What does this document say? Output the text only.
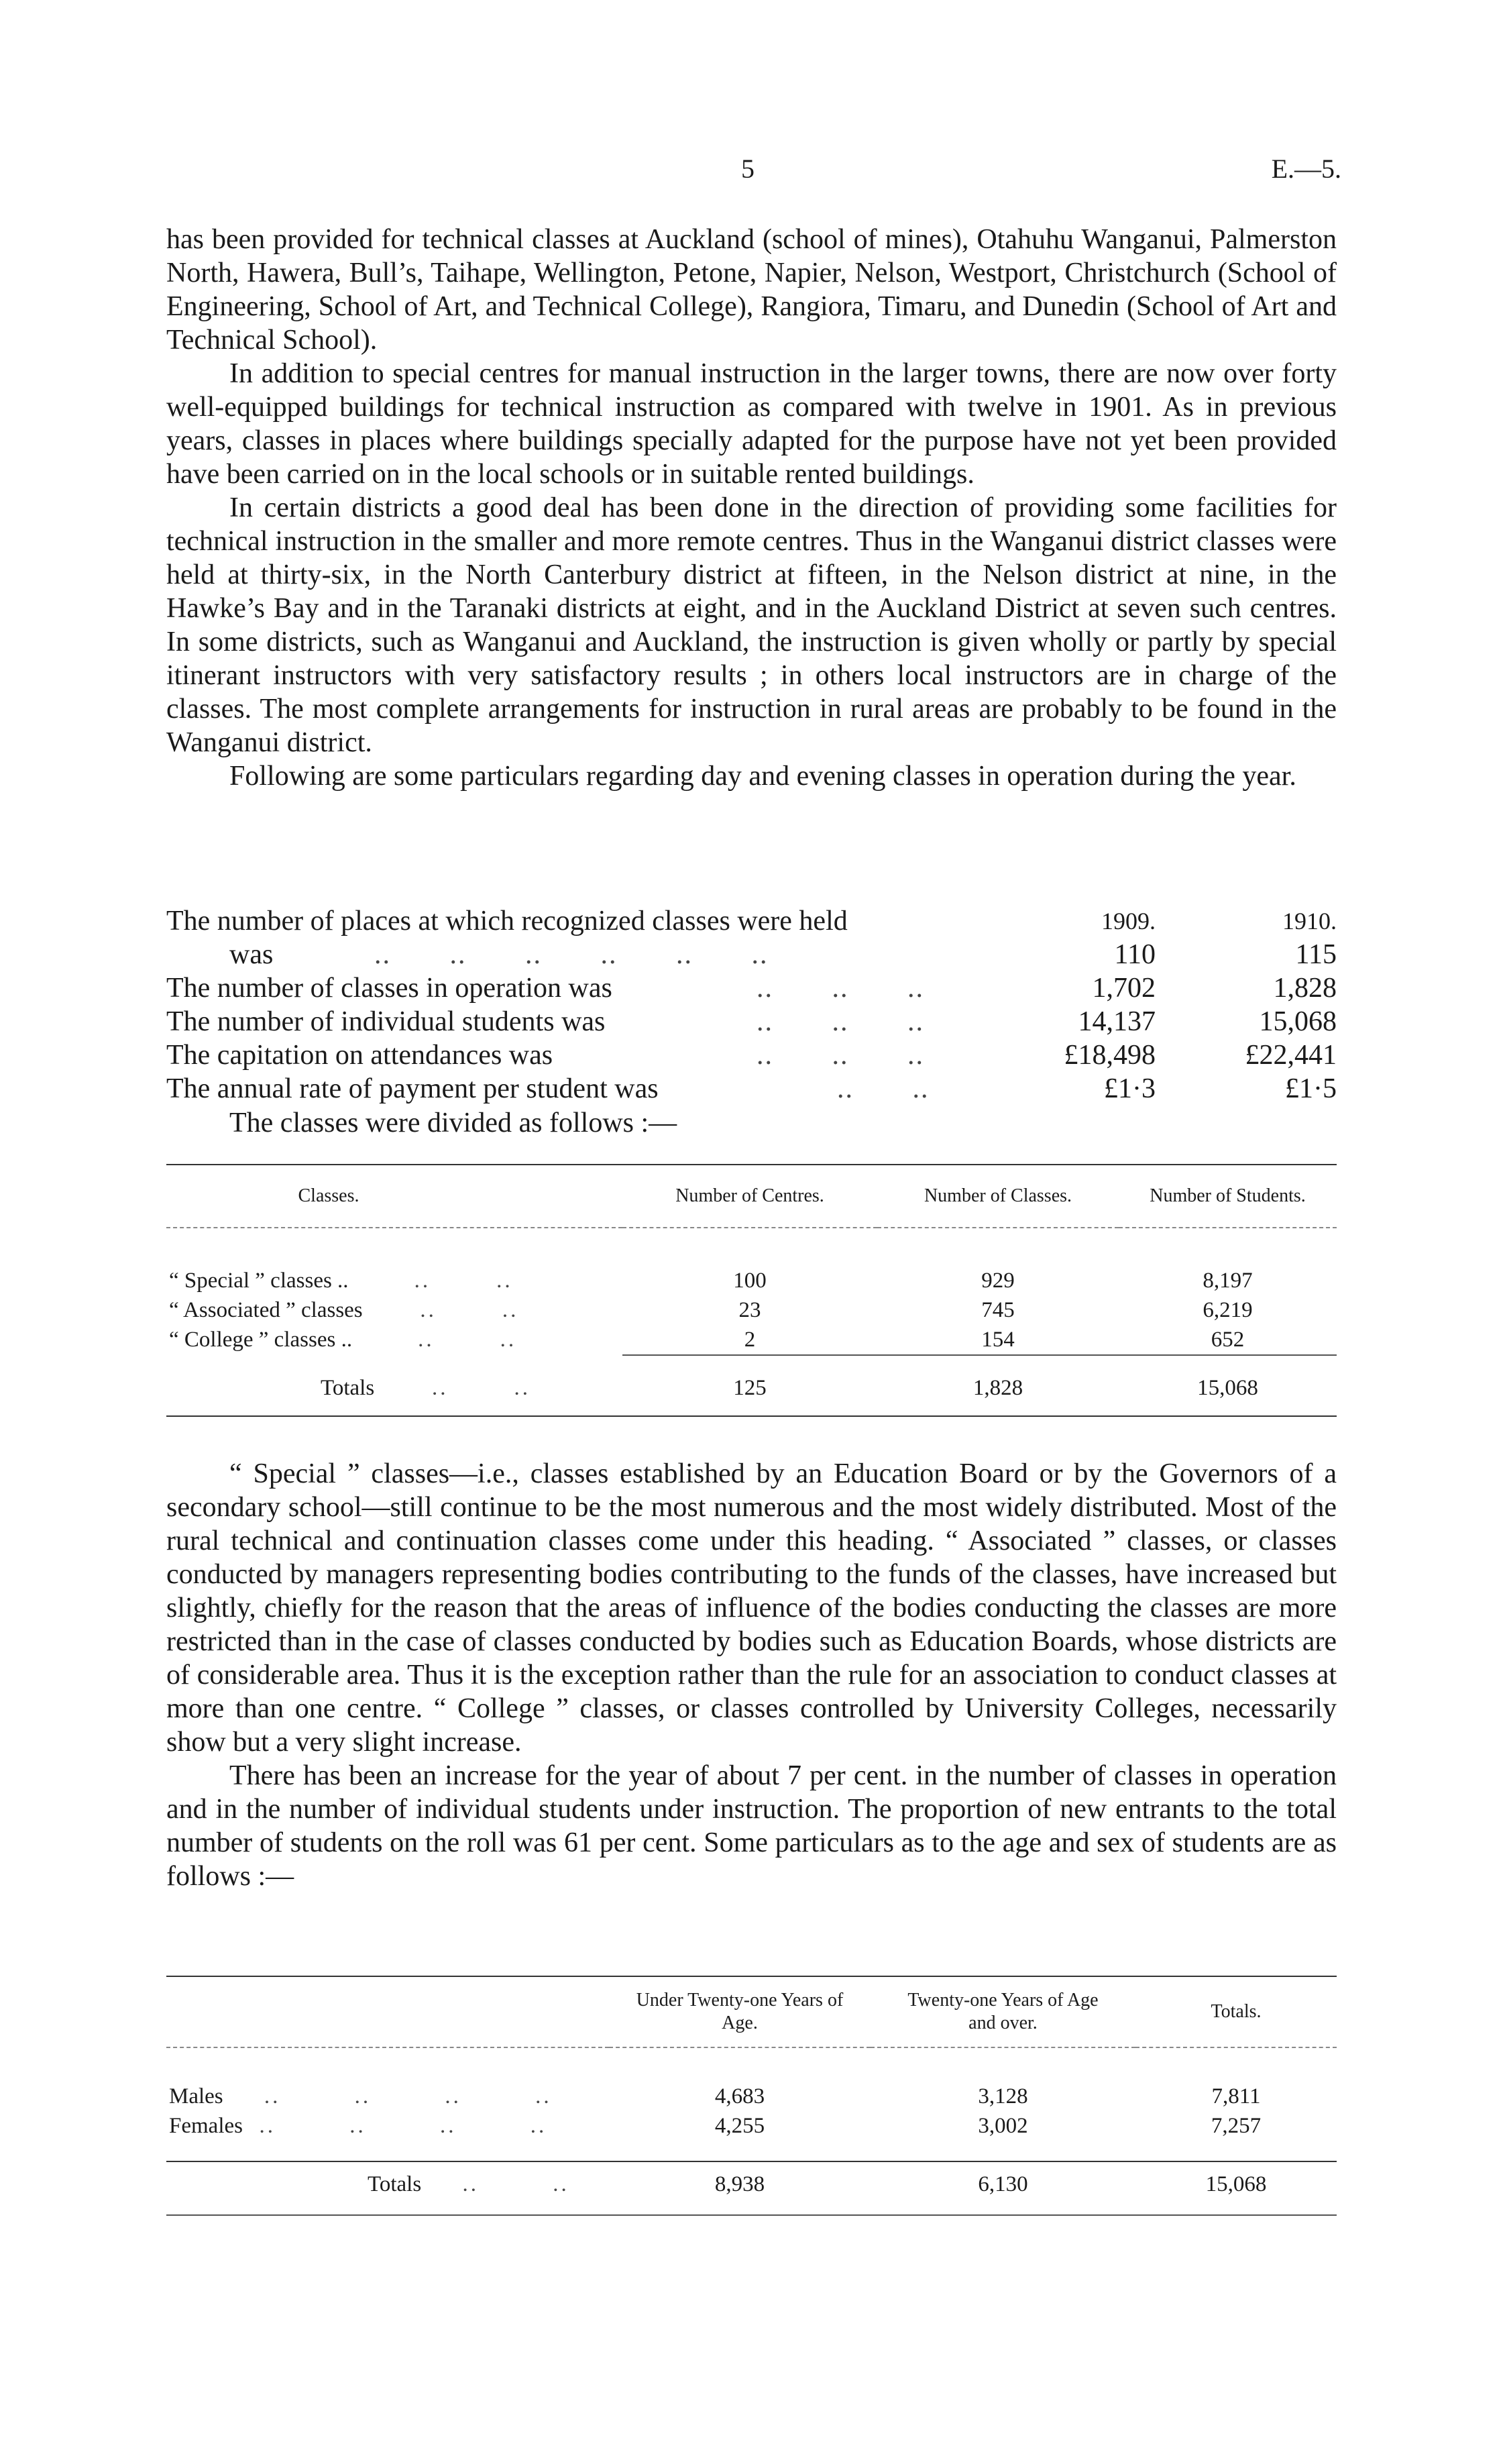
5	E.—5.

has been provided for technical classes at Auckland (school of mines), Otahuhu Wanganui, Palmerston North, Hawera, Bull’s, Taihape, Wellington, Petone, Napier, Nelson, Westport, Christchurch (School of Engineering, School of Art, and Technical College), Rangiora, Timaru, and Dunedin (School of Art and Technical School).

In addition to special centres for manual instruction in the larger towns, there are now over forty well-equipped buildings for technical instruction as compared with twelve in 1901. As in previous years, classes in places where buildings specially adapted for the purpose have not yet been provided have been carried on in the local schools or in suitable rented buildings.

In certain districts a good deal has been done in the direction of providing some facilities for technical instruction in the smaller and more remote centres. Thus in the Wanganui district classes were held at thirty-six, in the North Canterbury district at fifteen, in the Nelson district at nine, in the Hawke’s Bay and in the Taranaki districts at eight, and in the Auckland District at seven such centres. In some districts, such as Wanganui and Auckland, the instruction is given wholly or partly by special itinerant instructors with very satisfactory results ; in others local instructors are in charge of the classes. The most complete arrangements for instruction in rural areas are probably to be found in the Wanganui district.

Following are some particulars regarding day and evening classes in operation during the year.

The number of places at which recognized classes were held	1909.	1910.
was	..       ..       ..       ..       ..       ..	110	115
The number of classes in operation was	..       ..       ..	1,702	1,828
The number of individual students was	..       ..       ..	14,137	15,068
The capitation on attendances was	..       ..       ..	£18,498	£22,441
The annual rate of payment per student was	..       ..	£1·3	£1·5
The classes were divided as follows :—
Classes.	Number of Centres.	Number of Classes.	Number of Students.

“ Special ” classes ..        ..        ..	100	929	8,197
“ Associated ” classes       ..        ..	23	745	6,219
“ College ” classes ..        ..        ..	2	154	652

Totals       ..        ..	125	1,828	15,068

“ Special ” classes—i.e., classes established by an Education Board or by the Governors of a secondary school—still continue to be the most numerous and the most widely distributed. Most of the rural technical and continuation classes come under this heading. “ Associated ” classes, or classes conducted by managers representing bodies contributing to the funds of the classes, have increased but slightly, chiefly for the reason that the areas of influence of the bodies conducting the classes are more restricted than in the case of classes conducted by bodies such as Education Boards, whose districts are of considerable area. Thus it is the exception rather than the rule for an association to conduct classes at more than one centre. “ College ” classes, or classes controlled by University Colleges, necessarily show but a very slight increase.

There has been an increase for the year of about 7 per cent. in the number of classes in operation and in the number of individual students under instruction. The proportion of new entrants to the total number of students on the roll was 61 per cent. Some particulars as to the age and sex of students are as follows :—

	Under Twenty-one Years of Age.	Twenty-one Years of Age and over.	Totals.

Males     ..         ..         ..         ..	4,683	3,128	7,811
Females  ..         ..         ..         ..	4,255	3,002	7,257

Totals     ..         ..	8,938	6,130	15,068
